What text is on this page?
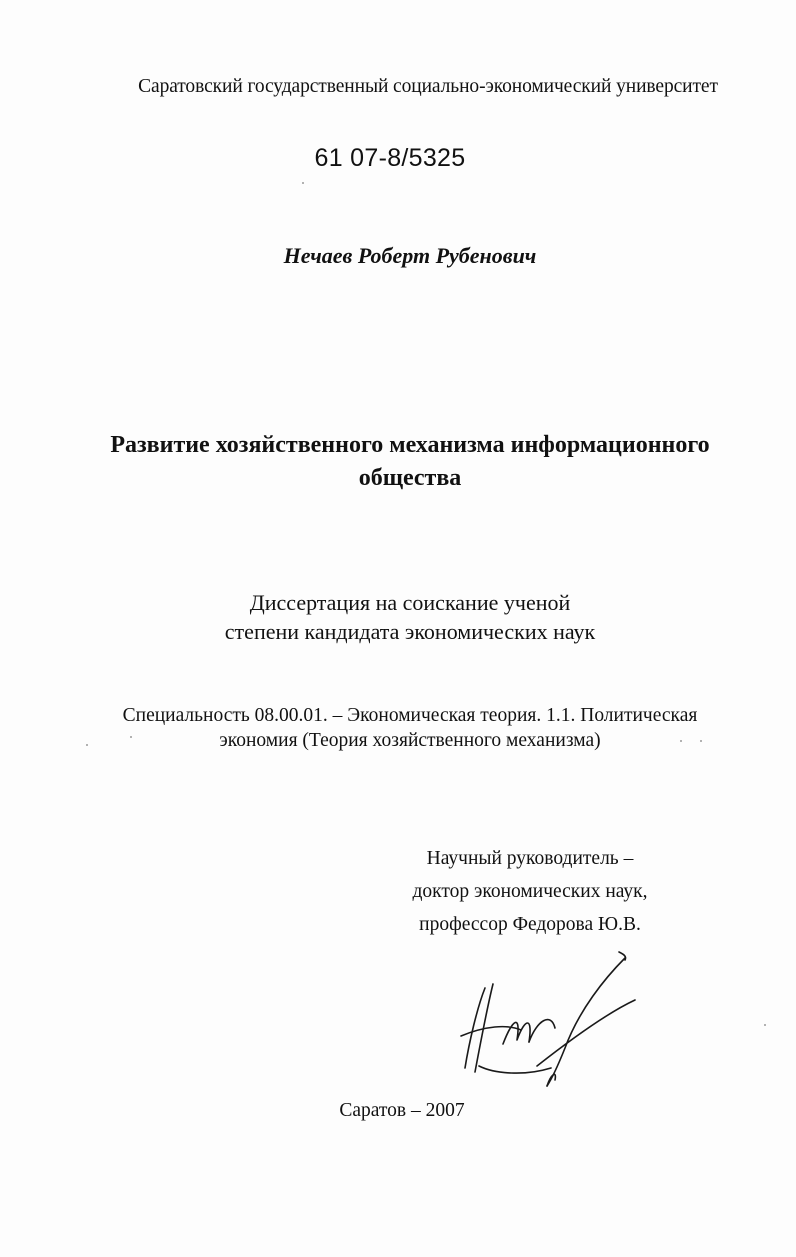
Саратовский государственный социально-экономический университет
61 07-8/5325
Нечаев Роберт Рубенович
Развитие хозяйственного механизма информационного
общества
Диссертация на соискание ученой
степени кандидата экономических наук
Специальность 08.00.01. – Экономическая теория. 1.1. Политическая
экономия (Теория хозяйственного механизма)
Научный руководитель –
доктор экономических наук,
профессор Федорова Ю.В.
Саратов – 2007
